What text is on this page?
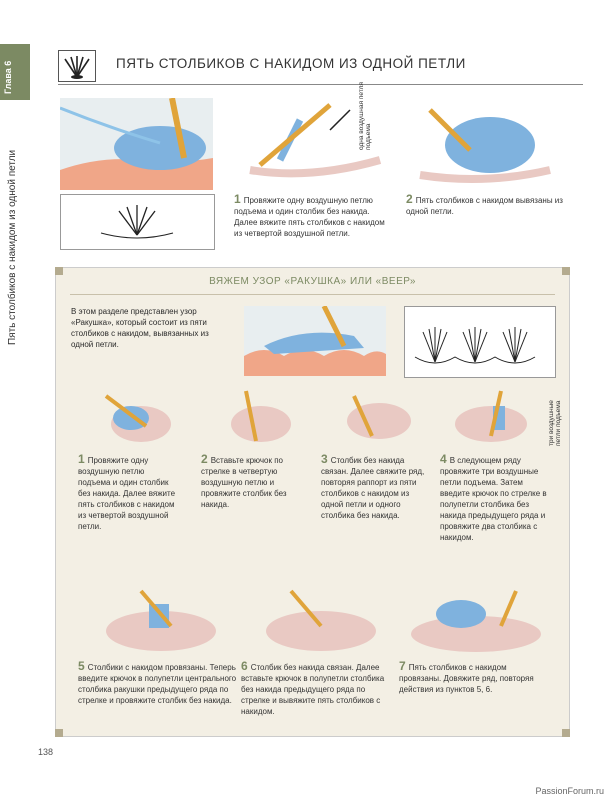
Глава 6
Пять столбиков с накидом из одной петли
ПЯТЬ СТОЛБИКОВ С НАКИДОМ ИЗ ОДНОЙ ПЕТЛИ
одна воздушная петля подъема
1 Провяжите одну воздушную петлю подъема и один столбик без накида. Далее вяжите пять столбиков с накидом из четвертой воздушной петли.
2 Пять столбиков с накидом вывязаны из одной петли.
ВЯЖЕМ УЗОР «РАКУШКА» ИЛИ «ВЕЕР»
В этом разделе представлен узор «Ракушка», который состоит из пяти столбиков с накидом, вывязанных из одной петли.
три воздушные петли подъема
1 Провяжите одну воздушную петлю подъема и один столбик без накида. Далее вяжите пять столбиков с накидом из четвертой воздушной петли.
2 Вставьте крючок по стрелке в четвертую воздушную петлю и провяжите столбик без накида.
3 Столбик без накида связан. Далее свяжите ряд, повторяя раппорт из пяти столбиков с накидом из одной петли и одного столбика без накида.
4 В следующем ряду провяжите три воздушные петли подъема. Затем введите крючок по стрелке в полупетли столбика без накида предыдущего ряда и провяжите два столбика с накидом.
5 Столбики с накидом провязаны. Теперь введите крючок в полупетли центрального столбика ракушки предыдущего ряда по стрелке и провяжите столбик без накида.
6 Столбик без накида связан. Далее вставьте крючок в полупетли столбика без накида предыдущего ряда по стрелке и вывяжите пять столбиков с накидом.
7 Пять столбиков с накидом провязаны. Довяжите ряд, повторяя действия из пунктов 5, 6.
138
PassionForum.ru
